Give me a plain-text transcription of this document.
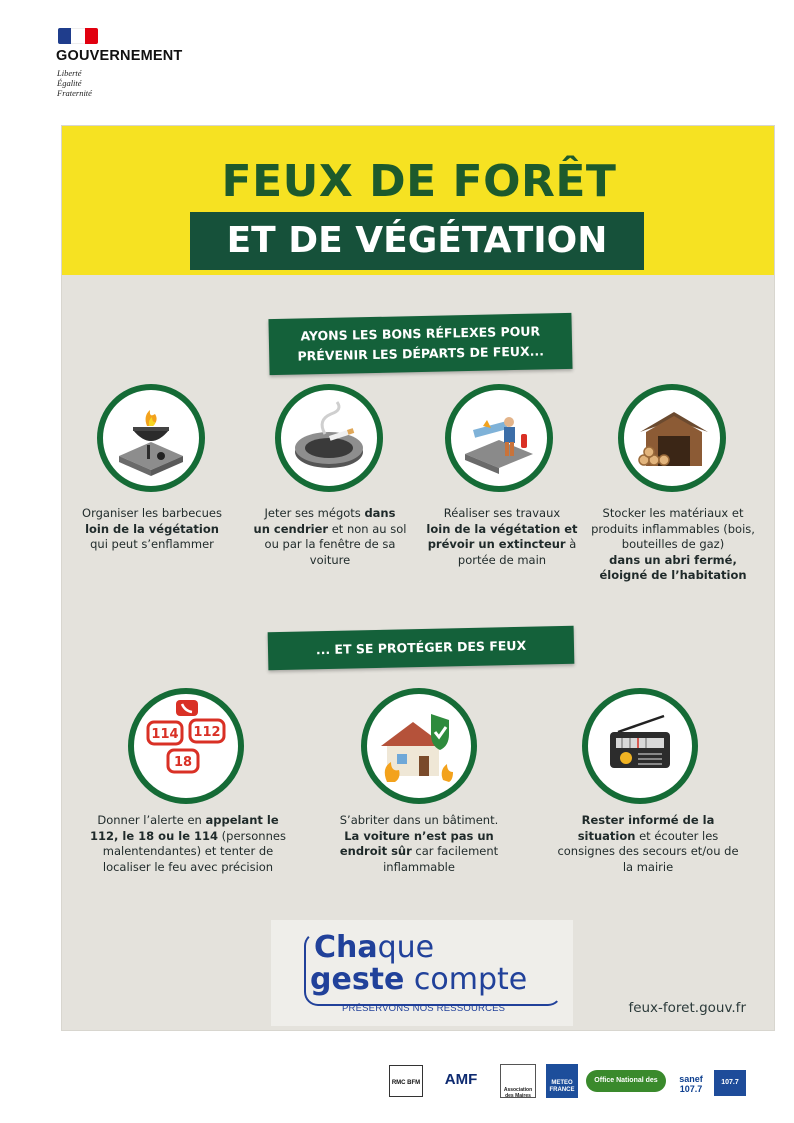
GOUVERNEMENT
Liberté
Égalité
Fraternité
FEUX DE FORÊT
ET DE VÉGÉTATION
AYONS LES BONS RÉFLEXES POUR
PRÉVENIR LES DÉPARTS DE FEUX...
Organiser les barbecues
loin de la végétation
qui peut s’enflammer
Jeter ses mégots dans
un cendrier et non au sol ou par la fenêtre de sa voiture
Réaliser ses travaux
loin de la végétation et prévoir un extincteur à portée de main
Stocker les matériaux et produits inflammables (bois, bouteilles de gaz)
dans un abri fermé, éloigné de l’habitation
... ET SE PROTÉGER DES FEUX
114 112
18
Donner l’alerte en appelant le 112, le 18 ou le 114 (personnes malentendantes) et tenter de localiser le feu avec précision
S’abriter dans un bâtiment.
La voiture n’est pas un endroit sûr car facilement inflammable
Rester informé de la situation et écouter les consignes des secours et/ou de la mairie
Chaque
geste compte
PRÉSERVONS NOS RESSOURCES	feux-foret.gouv.fr
RMC BFM	AMF
Association des Maires
METEO FRANCE
Office National des Forêts
sanef 107.7
107.7
